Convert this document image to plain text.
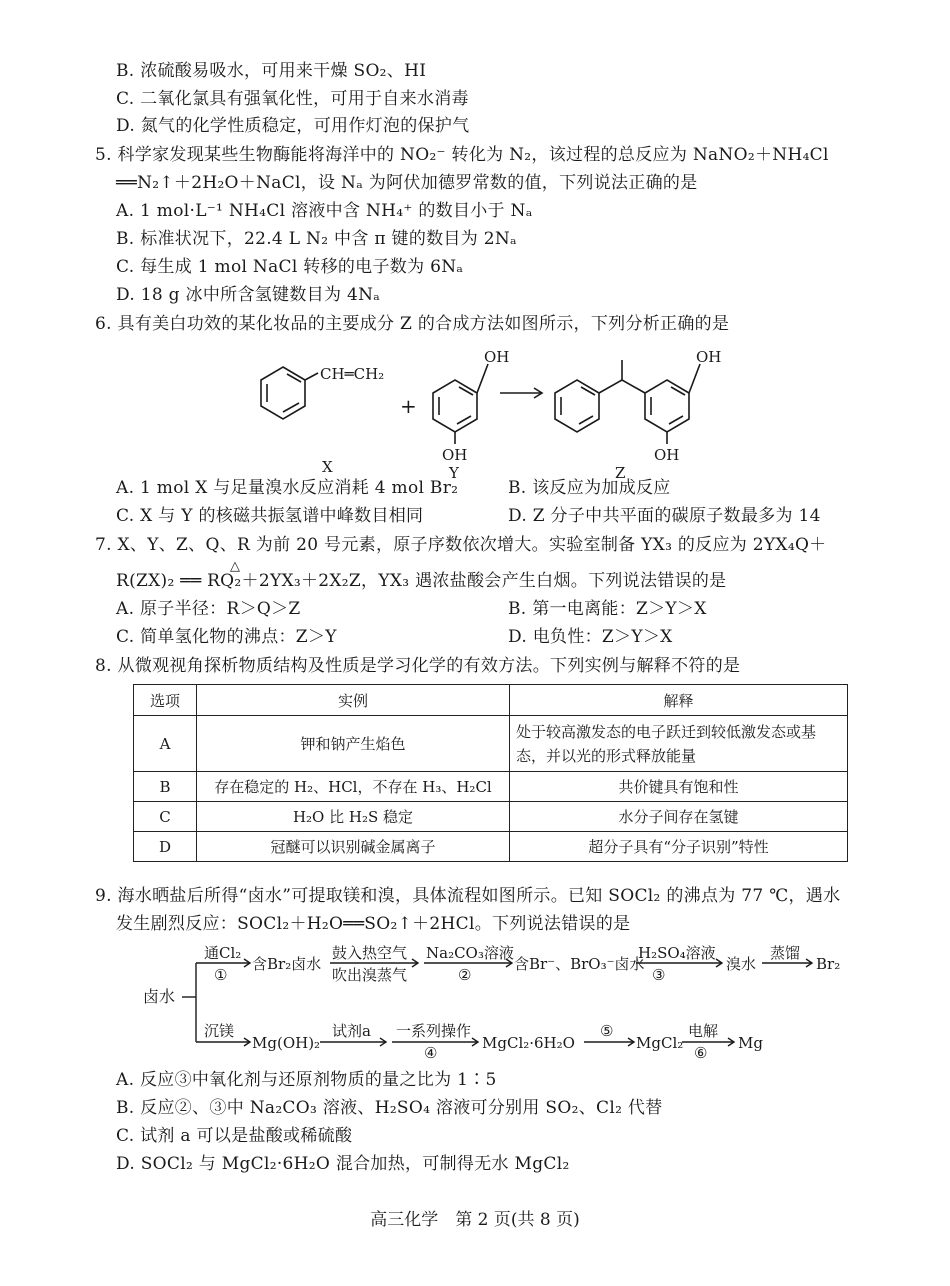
B. 浓硫酸易吸水，可用来干燥 SO₂、HI
C. 二氧化氯具有强氧化性，可用于自来水消毒
D. 氮气的化学性质稳定，可用作灯泡的保护气
5. 科学家发现某些生物酶能将海洋中的 NO₂⁻ 转化为 N₂，该过程的总反应为 NaNO₂＋NH₄Cl
══N₂↑＋2H₂O＋NaCl，设 Nₐ 为阿伏加德罗常数的值，下列说法正确的是
A. 1 mol·L⁻¹ NH₄Cl 溶液中含 NH₄⁺ 的数目小于 Nₐ
B. 标准状况下，22.4 L N₂ 中含 π 键的数目为 2Nₐ
C. 每生成 1 mol NaCl 转移的电子数为 6Nₐ
D. 18 g 冰中所含氢键数目为 4Nₐ
6. 具有美白功效的某化妆品的主要成分 Z 的合成方法如图所示，下列分析正确的是
CH═CH₂
+
OH
OH
OH
OH
X	Y	Z
A. 1 mol X 与足量溴水反应消耗 4 mol Br₂	B. 该反应为加成反应
C. X 与 Y 的核磁共振氢谱中峰数目相同	D. Z 分子中共平面的碳原子数最多为 14
7. X、Y、Z、Q、R 为前 20 号元素，原子序数依次增大。实验室制备 YX₃ 的反应为 2YX₄Q＋
△
R(ZX)₂ ══ RQ₂＋2YX₃＋2X₂Z，YX₃ 遇浓盐酸会产生白烟。下列说法错误的是
A. 原子半径：R＞Q＞Z	B. 第一电离能：Z＞Y＞X
C. 简单氢化物的沸点：Z＞Y	D. 电负性：Z＞Y＞X
8. 从微观视角探析物质结构及性质是学习化学的有效方法。下列实例与解释不符的是
选项	实例	解释
A	钾和钠产生焰色	处于较高激发态的电子跃迁到较低激发态或基态，并以光的形式释放能量
B	存在稳定的 H₂、HCl，不存在 H₃、H₂Cl	共价键具有饱和性
C	H₂O 比 H₂S 稳定	水分子间存在氢键
D	冠醚可以识别碱金属离子	超分子具有“分子识别”特性
9. 海水晒盐后所得“卤水”可提取镁和溴，具体流程如图所示。已知 SOCl₂ 的沸点为 77 ℃，遇水
发生剧烈反应：SOCl₂＋H₂O══SO₂↑＋2HCl。下列说法错误的是
卤水
通Cl₂
①
含Br₂卤水
鼓入热空气
吹出溴蒸气
Na₂CO₃溶液
②
含Br⁻、BrO₃⁻卤水
H₂SO₄溶液
③
溴水
蒸馏
Br₂
沉镁
Mg(OH)₂
试剂a 一系列操作
④
MgCl₂·6H₂O
⑤
MgCl₂
电解
⑥
Mg
A. 反应③中氧化剂与还原剂物质的量之比为 1∶5
B. 反应②、③中 Na₂CO₃ 溶液、H₂SO₄ 溶液可分别用 SO₂、Cl₂ 代替
C. 试剂 a 可以是盐酸或稀硫酸
D. SOCl₂ 与 MgCl₂·6H₂O 混合加热，可制得无水 MgCl₂
高三化学　第 2 页(共 8 页)
